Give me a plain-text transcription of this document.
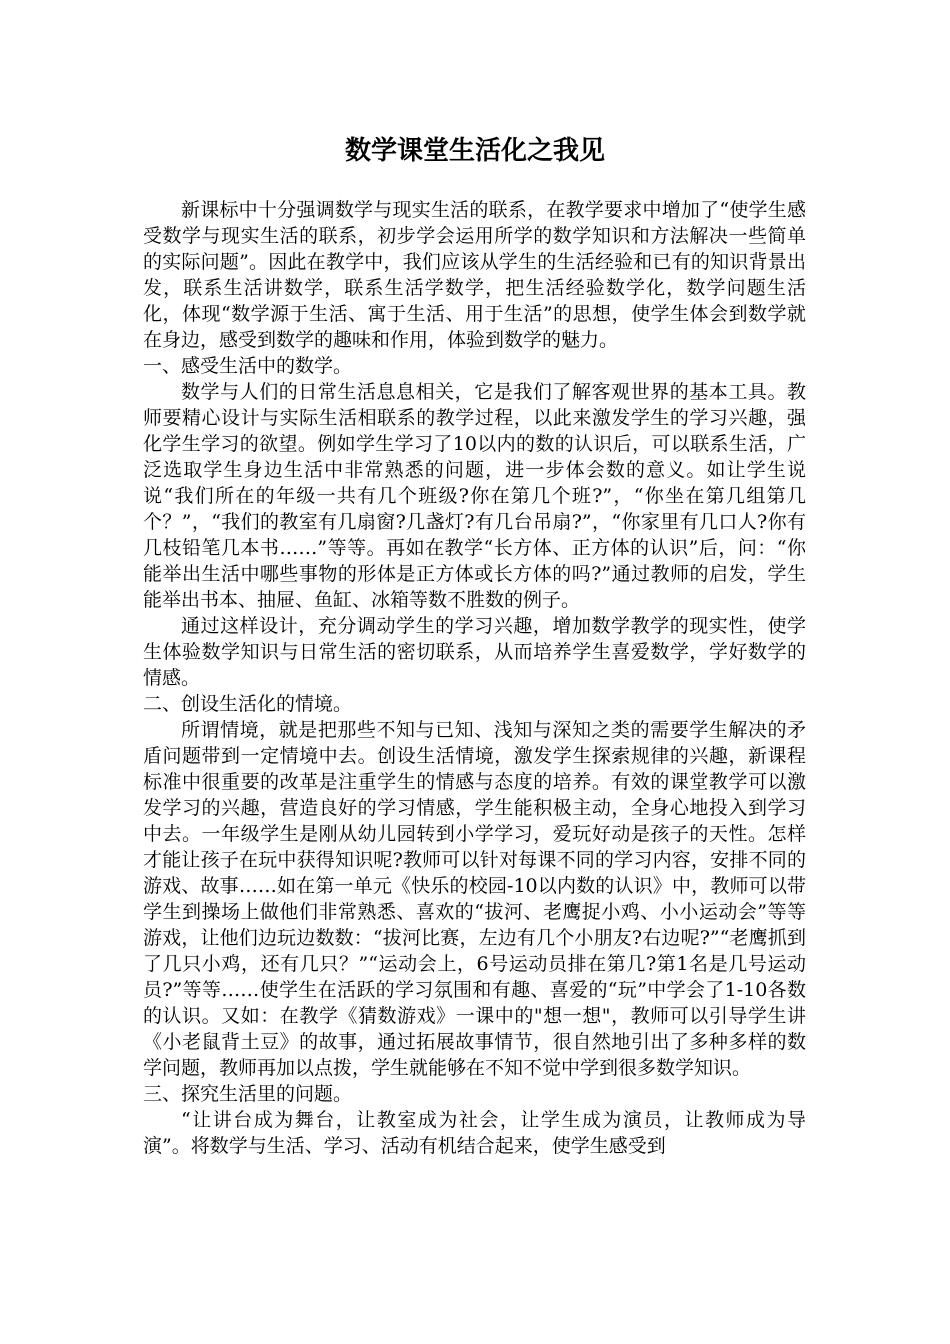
数学课堂生活化之我见

新课标中十分强调数学与现实生活的联系，在教学要求中增加了“使学生感受数学与现实生活的联系，初步学会运用所学的数学知识和方法解决一些简单的实际问题”。因此在教学中，我们应该从学生的生活经验和已有的知识背景出发，联系生活讲数学，联系生活学数学，把生活经验数学化，数学问题生活化，体现“数学源于生活、寓于生活、用于生活”的思想，使学生体会到数学就在身边，感受到数学的趣味和作用，体验到数学的魅力。

一、感受生活中的数学。

数学与人们的日常生活息息相关，它是我们了解客观世界的基本工具。教师要精心设计与实际生活相联系的教学过程，以此来激发学生的学习兴趣，强化学生学习的欲望。例如学生学习了10以内的数的认识后，可以联系生活，广泛选取学生身边生活中非常熟悉的问题，进一步体会数的意义。如让学生说说“我们所在的年级一共有几个班级?你在第几个班?”，“你坐在第几组第几个？”，“我们的教室有几扇窗?几盏灯?有几台吊扇?”，“你家里有几口人?你有几枝铅笔几本书……”等等。再如在教学“长方体、正方体的认识”后，问：“你能举出生活中哪些事物的形体是正方体或长方体的吗?”通过教师的启发，学生能举出书本、抽屉、鱼缸、冰箱等数不胜数的例子。

通过这样设计，充分调动学生的学习兴趣，增加数学教学的现实性，使学生体验数学知识与日常生活的密切联系，从而培养学生喜爱数学，学好数学的情感。

二、创设生活化的情境。

所谓情境，就是把那些不知与已知、浅知与深知之类的需要学生解决的矛盾问题带到一定情境中去。创设生活情境，激发学生探索规律的兴趣，新课程标准中很重要的改革是注重学生的情感与态度的培养。有效的课堂教学可以激发学习的兴趣，营造良好的学习情感，学生能积极主动，全身心地投入到学习中去。一年级学生是刚从幼儿园转到小学学习，爱玩好动是孩子的天性。怎样才能让孩子在玩中获得知识呢?教师可以针对每课不同的学习内容，安排不同的游戏、故事……如在第一单元《快乐的校园-10以内数的认识》中，教师可以带学生到操场上做他们非常熟悉、喜欢的“拔河、老鹰捉小鸡、小小运动会”等等游戏，让他们边玩边数数：“拔河比赛，左边有几个小朋友?右边呢?”“老鹰抓到了几只小鸡，还有几只？”“运动会上，6号运动员排在第几?第1名是几号运动员?”等等……使学生在活跃的学习氛围和有趣、喜爱的“玩”中学会了1-10各数的认识。又如：在教学《猜数游戏》一课中的"想一想"，教师可以引导学生讲《小老鼠背土豆》的故事，通过拓展故事情节，很自然地引出了多种多样的数学问题，教师再加以点拨，学生就能够在不知不觉中学到很多数学知识。

三、探究生活里的问题。

“让讲台成为舞台，让教室成为社会，让学生成为演员，让教师成为导演”。将数学与生活、学习、活动有机结合起来，使学生感受到
